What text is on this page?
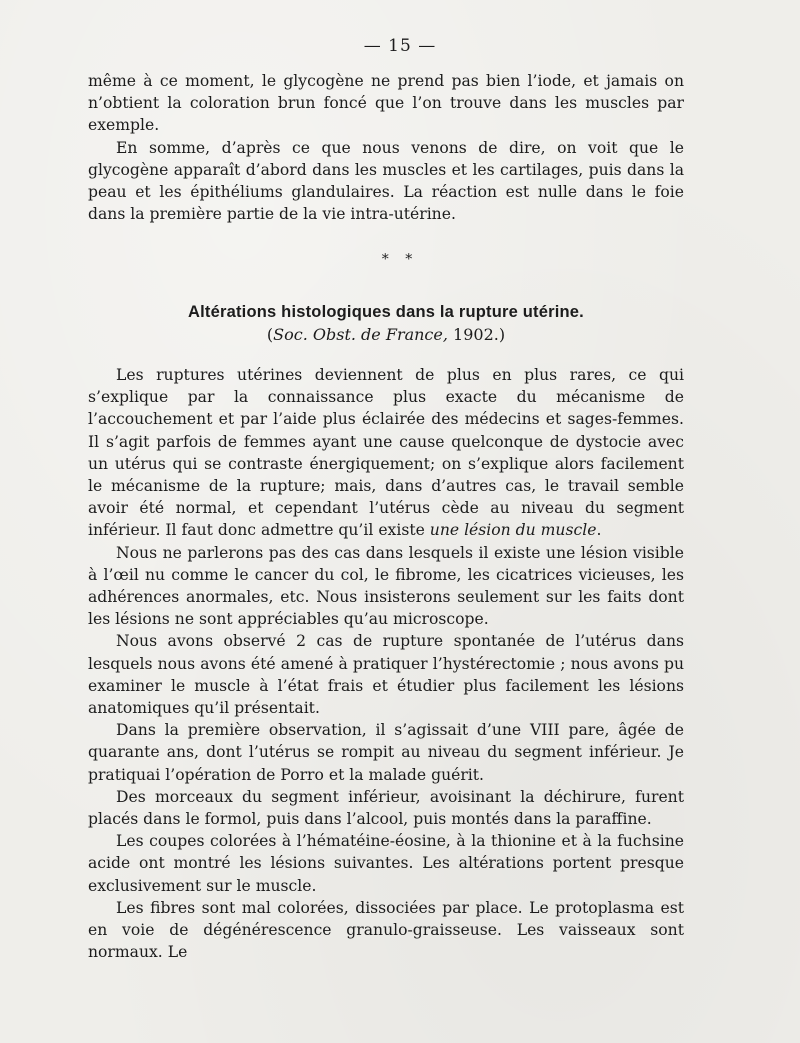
— 15 —

même à ce moment, le glycogène ne prend pas bien l’iode, et jamais on n’obtient la coloration brun foncé que l’on trouve dans les muscles par exemple.

En somme, d’après ce que nous venons de dire, on voit que le glycogène apparaît d’abord dans les muscles et les cartilages, puis dans la peau et les épithéliums glandulaires. La réaction est nulle dans le foie dans la première partie de la vie intra-utérine.

⁎ ⁎
Altérations histologiques dans la rupture utérine.
(Soc. Obst. de France, 1902.)

Les ruptures utérines deviennent de plus en plus rares, ce qui s’explique par la connaissance plus exacte du mécanisme de l’accouchement et par l’aide plus éclairée des médecins et sages-femmes. Il s’agit parfois de femmes ayant une cause quelconque de dystocie avec un utérus qui se contraste énergiquement; on s’explique alors facilement le mécanisme de la rupture; mais, dans d’autres cas, le travail semble avoir été normal, et cependant l’utérus cède au niveau du segment inférieur. Il faut donc admettre qu’il existe une lésion du muscle.

Nous ne parlerons pas des cas dans lesquels il existe une lésion visible à l’œil nu comme le cancer du col, le fibrome, les cicatrices vicieuses, les adhérences anormales, etc. Nous insisterons seulement sur les faits dont les lésions ne sont appréciables qu’au microscope.

Nous avons observé 2 cas de rupture spontanée de l’utérus dans lesquels nous avons été amené à pratiquer l’hystérectomie ; nous avons pu examiner le muscle à l’état frais et étudier plus facilement les lésions anatomiques qu’il présentait.

Dans la première observation, il s’agissait d’une VIII pare, âgée de quarante ans, dont l’utérus se rompit au niveau du segment inférieur. Je pratiquai l’opération de Porro et la malade guérit.

Des morceaux du segment inférieur, avoisinant la déchirure, furent placés dans le formol, puis dans l’alcool, puis montés dans la paraffine.

Les coupes colorées à l’hématéine-éosine, à la thionine et à la fuchsine acide ont montré les lésions suivantes. Les altérations portent presque exclusivement sur le muscle.

Les fibres sont mal colorées, dissociées par place. Le protoplasma est en voie de dégénérescence granulo-graisseuse. Les vaisseaux sont normaux. Le
